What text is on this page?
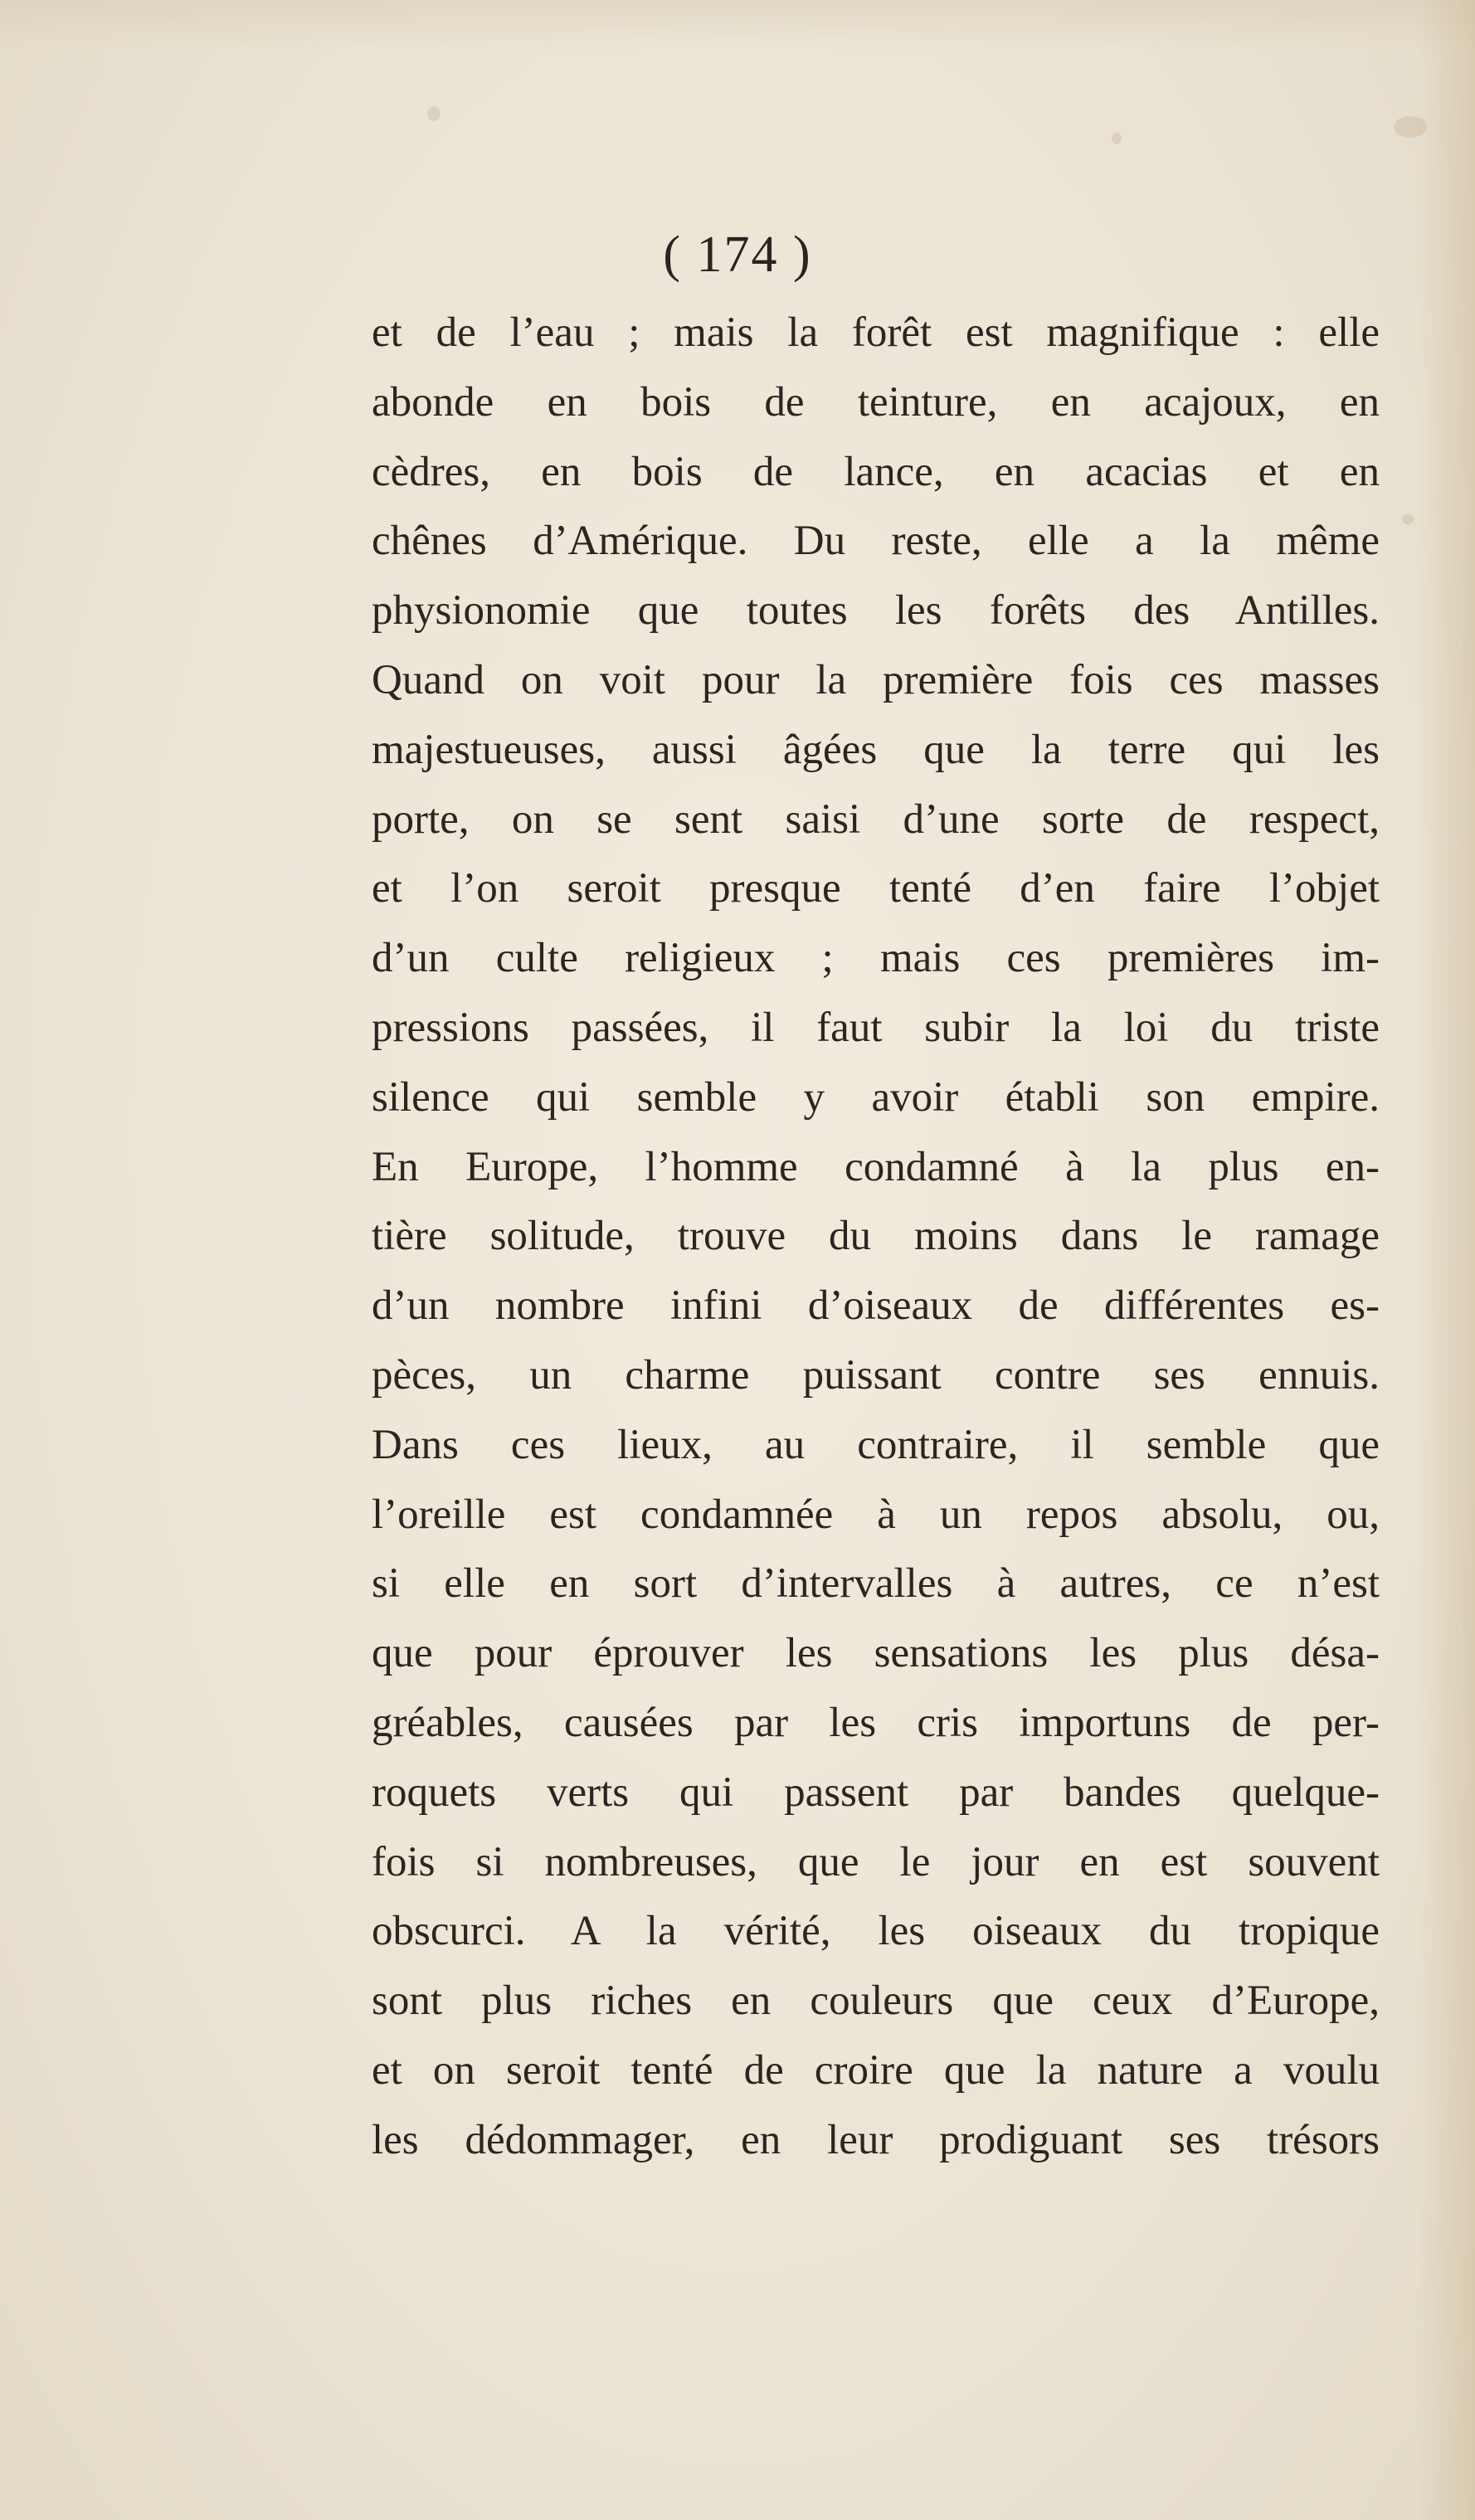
( 174 )

et de l’eau ; mais la forêt est magnifique : elle
abonde en bois de teinture, en acajoux, en
cèdres, en bois de lance, en acacias et en
chênes d’Amérique. Du reste, elle a la même
physionomie que toutes les forêts des Antilles.
Quand on voit pour la première fois ces masses
majestueuses, aussi âgées que la terre qui les
porte, on se sent saisi d’une sorte de respect,
et l’on seroit presque tenté d’en faire l’objet
d’un culte religieux ; mais ces premières im-
pressions passées, il faut subir la loi du triste
silence qui semble y avoir établi son empire.
En Europe, l’homme condamné à la plus en-
tière solitude, trouve du moins dans le ramage
d’un nombre infini d’oiseaux de différentes es-
pèces, un charme puissant contre ses ennuis.
Dans ces lieux, au contraire, il semble que
l’oreille est condamnée à un repos absolu, ou,
si elle en sort d’intervalles à autres, ce n’est
que pour éprouver les sensations les plus désa-
gréables, causées par les cris importuns de per-
roquets verts qui passent par bandes quelque-
fois si nombreuses, que le jour en est souvent
obscurci. A la vérité, les oiseaux du tropique
sont plus riches en couleurs que ceux d’Europe,
et on seroit tenté de croire que la nature a voulu
les dédommager, en leur prodiguant ses trésors
